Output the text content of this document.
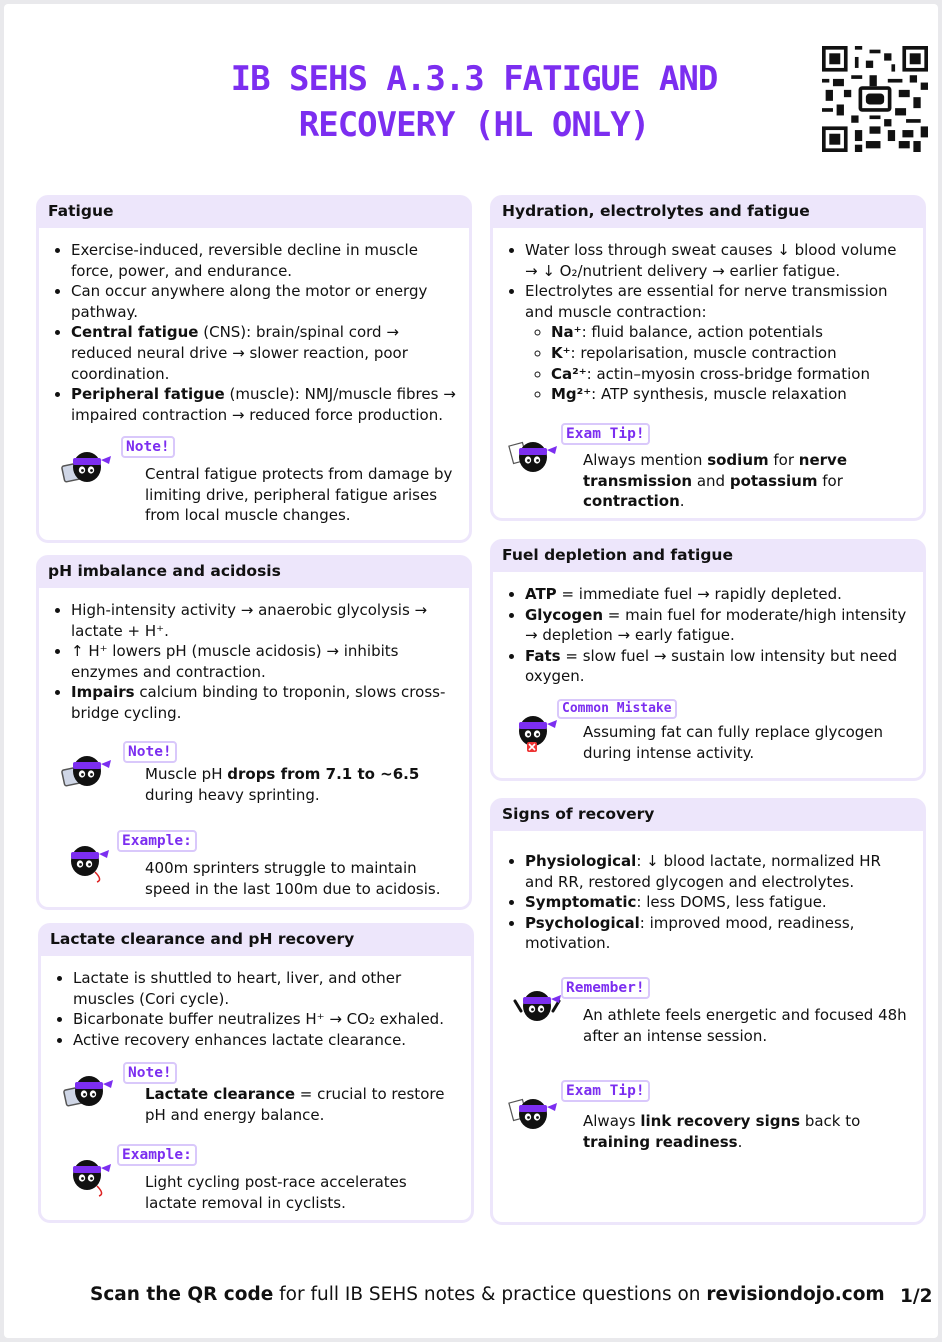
IB SEHS A.3.3 FATIGUE AND
RECOVERY (HL ONLY)
Fatigue
• Exercise-induced, reversible decline in muscle force, power, and endurance.
• Can occur anywhere along the motor or energy pathway.
• Central fatigue (CNS): brain/spinal cord → reduced neural drive → slower reaction, poor coordination.
• Peripheral fatigue (muscle): NMJ/muscle fibres → impaired contraction → reduced force production.
Note!
Central fatigue protects from damage by limiting drive, peripheral fatigue arises from local muscle changes.
pH imbalance and acidosis
• High-intensity activity → anaerobic glycolysis → lactate + H⁺.
• ↑ H⁺ lowers pH (muscle acidosis) → inhibits enzymes and contraction.
• Impairs calcium binding to troponin, slows cross-bridge cycling.
Note!
Muscle pH drops from 7.1 to ~6.5 during heavy sprinting.
Example:
400m sprinters struggle to maintain speed in the last 100m due to acidosis.
Lactate clearance and pH recovery
• Lactate is shuttled to heart, liver, and other muscles (Cori cycle).
• Bicarbonate buffer neutralizes H⁺ → CO₂ exhaled.
• Active recovery enhances lactate clearance.
Note!
Lactate clearance = crucial to restore pH and energy balance.
Example:
Light cycling post-race accelerates lactate removal in cyclists.
Hydration, electrolytes and fatigue
• Water loss through sweat causes ↓ blood volume → ↓ O₂/nutrient delivery → earlier fatigue.
• Electrolytes are essential for nerve transmission and muscle contraction:
◦ Na⁺: fluid balance, action potentials
◦ K⁺: repolarisation, muscle contraction
◦ Ca²⁺: actin–myosin cross-bridge formation
◦ Mg²⁺: ATP synthesis, muscle relaxation
Exam Tip!
Always mention sodium for nerve transmission and potassium for contraction.
Fuel depletion and fatigue
• ATP = immediate fuel → rapidly depleted.
• Glycogen = main fuel for moderate/high intensity → depletion → early fatigue.
• Fats = slow fuel → sustain low intensity but need oxygen.
Common Mistake
Assuming fat can fully replace glycogen during intense activity.
Signs of recovery
• Physiological: ↓ blood lactate, normalized HR and RR, restored glycogen and electrolytes.
• Symptomatic: less DOMS, less fatigue.
• Psychological: improved mood, readiness, motivation.
Remember!
An athlete feels energetic and focused 48h after an intense session.
Exam Tip!
Always link recovery signs back to training readiness.
Scan the QR code for full IB SEHS notes & practice questions on revisiondojo.com 1/2
